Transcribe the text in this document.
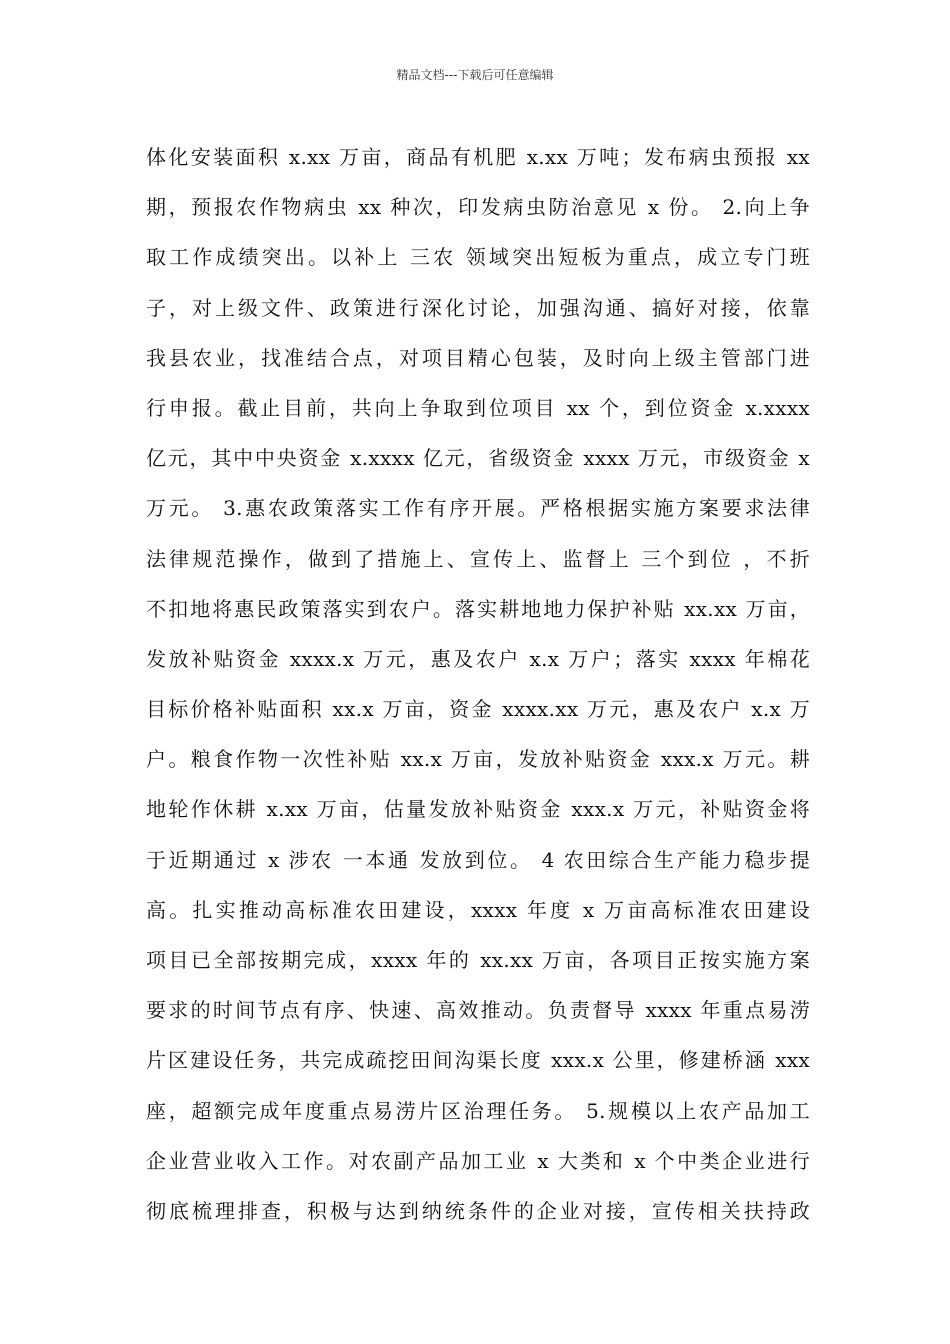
精品文档---下载后可任意编辑
体化安装面积 x.xx 万亩，商品有机肥 x.xx 万吨；发布病虫预报 xx
期，预报农作物病虫 xx 种次，印发病虫防治意见 x 份。 2.向上争
取工作成绩突出。以补上 三农 领域突出短板为重点，成立专门班
子，对上级文件、政策进行深化讨论，加强沟通、搞好对接，依靠
我县农业，找准结合点，对项目精心包装，及时向上级主管部门进
行申报。截止目前，共向上争取到位项目 xx 个，到位资金 x.xxxx
亿元，其中中央资金 x.xxxx 亿元，省级资金 xxxx 万元，市级资金 x
万元。 3.惠农政策落实工作有序开展。严格根据实施方案要求法律
法律规范操作，做到了措施上、宣传上、监督上 三个到位 ，不折
不扣地将惠民政策落实到农户。落实耕地地力保护补贴 xx.xx 万亩，
发放补贴资金 xxxx.x 万元，惠及农户 x.x 万户；落实 xxxx 年棉花
目标价格补贴面积 xx.x 万亩，资金 xxxx.xx 万元，惠及农户 x.x 万
户。粮食作物一次性补贴 xx.x 万亩，发放补贴资金 xxx.x 万元。耕
地轮作休耕 x.xx 万亩，估量发放补贴资金 xxx.x 万元，补贴资金将
于近期通过 x 涉农 一本通 发放到位。 4 农田综合生产能力稳步提
高。扎实推动高标准农田建设，xxxx 年度 x 万亩高标准农田建设
项目已全部按期完成，xxxx 年的 xx.xx 万亩，各项目正按实施方案
要求的时间节点有序、快速、高效推动。负责督导 xxxx 年重点易涝
片区建设任务，共完成疏挖田间沟渠长度 xxx.x 公里，修建桥涵 xxx
座，超额完成年度重点易涝片区治理任务。 5.规模以上农产品加工
企业营业收入工作。对农副产品加工业 x 大类和 x 个中类企业进行
彻底梳理排查，积极与达到纳统条件的企业对接，宣传相关扶持政
